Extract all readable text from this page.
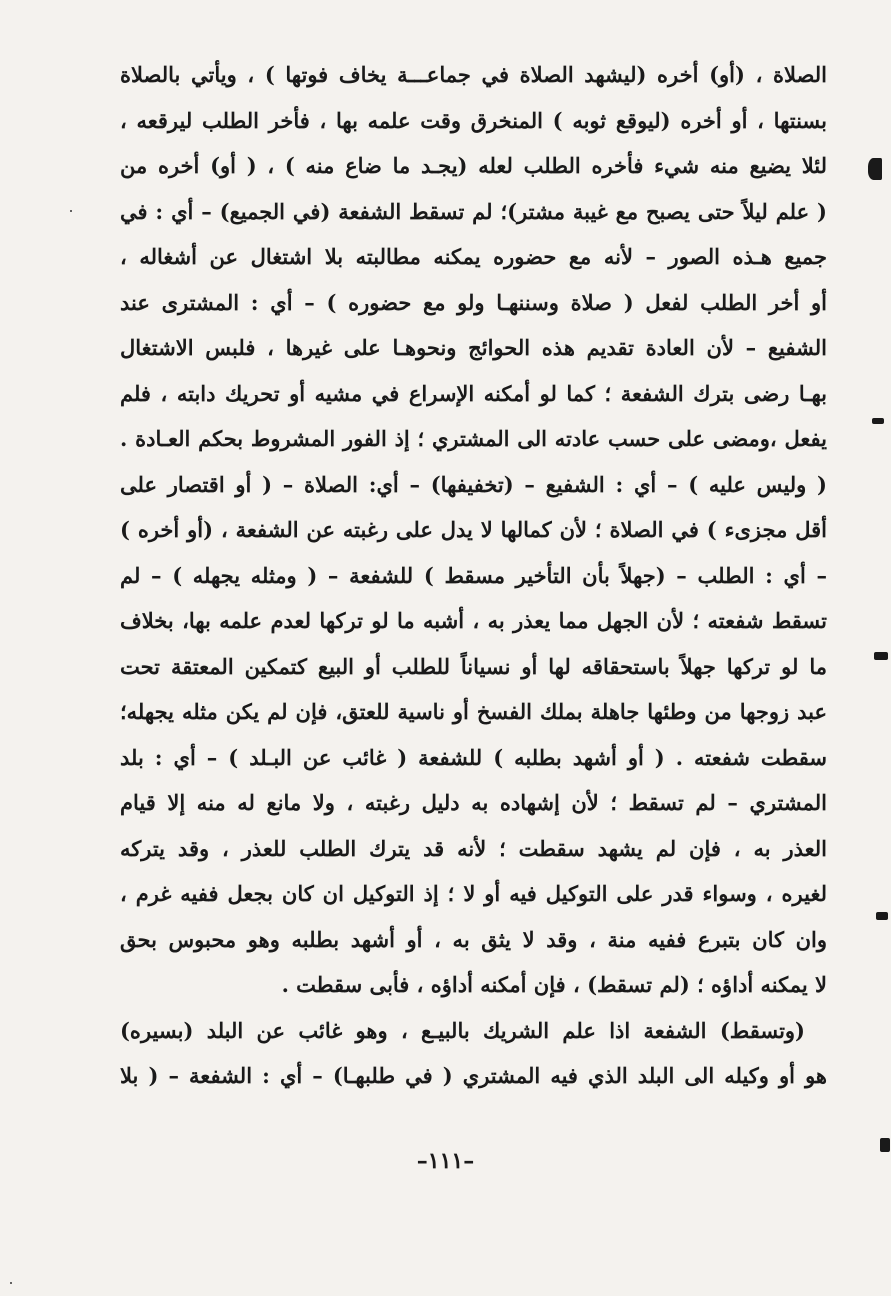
الصلاة ، (أو) أخره (ليشهد الصلاة في جماعـــة يخاف فوتها ) ، ويأتي بالصلاة
بسنتها ، أو أخره (ليوقع ثوبه ) المنخرق وقت علمه بها ، فأخر الطلب ليرقعه ،
لئلا يضيع منه شيء فأخره الطلب لعله (يجـد ما ضاع منه ) ، ( أو) أخره من
( علم ليلاً حتى يصبح مع غيبة مشتر)؛ لم تسقط الشفعة (في الجميع) – أي : في
جميع هـذه الصور – لأنه مع حضوره يمكنه مطالبته بلا اشتغال عن أشغاله ،
أو أخر الطلب لفعل ( صلاة وسننهـا ولو مع حضوره ) – أي : المشترى عند
الشفيع – لأن العادة تقديم هذه الحوائج ونحوهـا على غيرها ، فلبس الاشتغال
بهـا رضى بترك الشفعة ؛ كما لو أمكنه الإسراع في مشيه أو تحريك دابته ، فلم
يفعل ،ومضى على حسب عادته الى المشتري ؛ إذ الفور المشروط بحكم العـادة .
( وليس عليه ) – أي : الشفيع – (تخفيفها) – أي: الصلاة – ( أو اقتصار على
أقل مجزىء ) في الصلاة ؛ لأن كمالها لا يدل على رغبته عن الشفعة ، (أو أخره )
– أي : الطلب – (جهلاً بأن التأخير مسقط ) للشفعة – ( ومثله يجهله ) – لم
تسقط شفعته ؛ لأن الجهل مما يعذر به ، أشبه ما لو تركها لعدم علمه بها، بخلاف
ما لو تركها جهلاً باستحقاقه لها أو نسياناً للطلب أو البيع كتمكين المعتقة تحت
عبد زوجها من وطئها جاهلة بملك الفسخ أو ناسية للعتق، فإن لم يكن مثله يجهله؛
سقطت شفعته . ( أو أشهد بطلبه ) للشفعة ( غائب عن البـلد ) – أي : بلد
المشتري – لم تسقط ؛ لأن إشهاده به دليل رغبته ، ولا مانع له منه إلا قيام
العذر به ، فإن لم يشهد سقطت ؛ لأنه قد يترك الطلب للعذر ، وقد يتركه
لغيره ، وسواء قدر على التوكيل فيه أو لا ؛ إذ التوكيل ان كان بجعل ففيه غرم ،
وان كان بتبرع ففيه منة ، وقد لا يثق به ، أو أشهد بطلبه وهو محبوس بحق
لا يمكنه أداؤه ؛ (لم تسقط) ، فإن أمكنه أداؤه ، فأبى سقطت .
(وتسقط) الشفعة اذا علم الشريك بالبيـع ، وهو غائب عن البلد (بسيره)
هو أو وكيله الى البلد الذي فيه المشتري ( في طلبهـا) – أي : الشفعة – ( بلا
–١١١–
